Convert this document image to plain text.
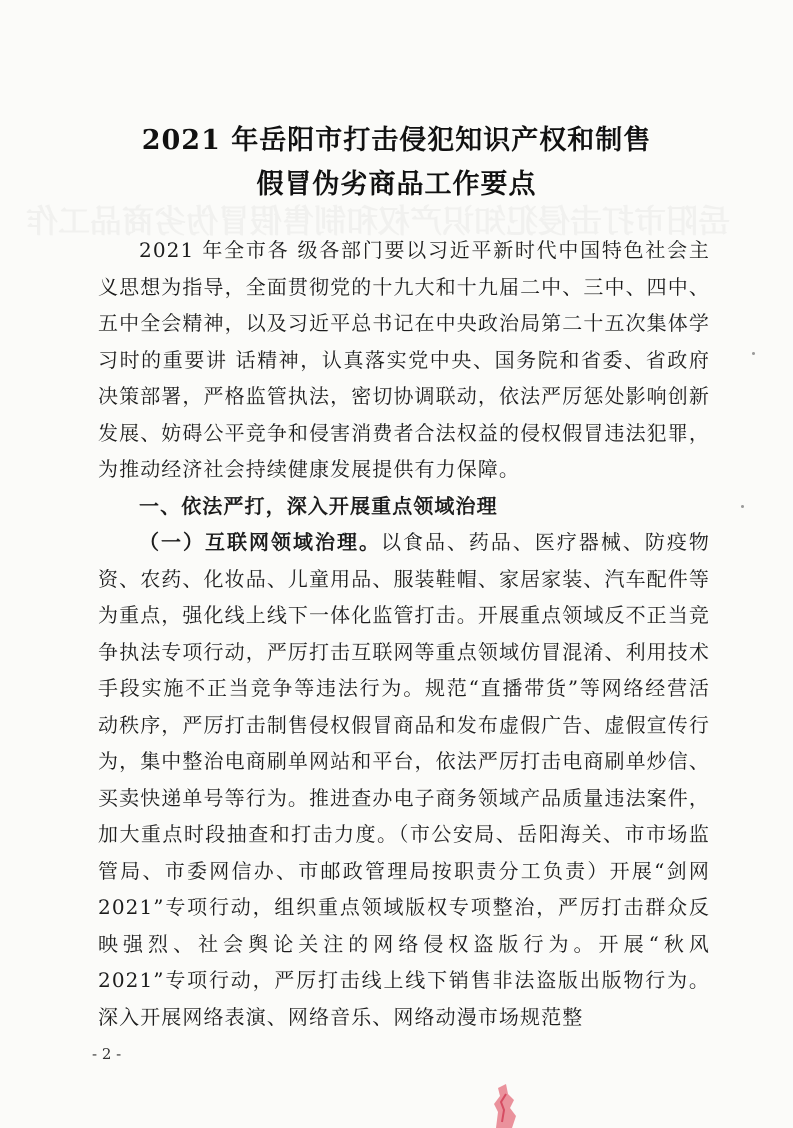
岳阳市打击侵犯知识产权和制售假冒伪劣商品工作
2021 年岳阳市打击侵犯知识产权和制售
假冒伪劣商品工作要点

2021 年全市各 级各部门要以习近平新时代中国特色社会主义思想为指导，全面贯彻党的十九大和十九届二中、三中、四中、五中全会精神，以及习近平总书记在中央政治局第二十五次集体学习时的重要讲 话精神，认真落实党中央、国务院和省委、省政府决策部署，严格监管执法，密切协调联动，依法严厉惩处影响创新发展、妨碍公平竞争和侵害消费者合法权益的侵权假冒违法犯罪，为推动经济社会持续健康发展提供有力保障。

一、依法严打，深入开展重点领域治理

（一）互联网领域治理。以食品、药品、医疗器械、防疫物资、农药、化妆品、儿童用品、服装鞋帽、家居家装、汽车配件等为重点，强化线上线下一体化监管打击。开展重点领域反不正当竞争执法专项行动，严厉打击互联网等重点领域仿冒混淆、利用技术手段实施不正当竞争等违法行为。规范“直播带货”等网络经营活动秩序，严厉打击制售侵权假冒商品和发布虚假广告、虚假宣传行为，集中整治电商刷单网站和平台，依法严厉打击电商刷单炒信、买卖快递单号等行为。推进查办电子商务领域产品质量违法案件，加大重点时段抽查和打击力度。（市公安局、岳阳海关、市市场监管局、市委网信办、市邮政管理局按职责分工负责）开展“剑网 2021”专项行动，组织重点领域版权专项整治，严厉打击群众反映强烈、社会舆论关注的网络侵权盗版行为。开展“秋风 2021”专项行动，严厉打击线上线下销售非法盗版出版物行为。深入开展网络表演、网络音乐、网络动漫市场规范整

- 2 -
